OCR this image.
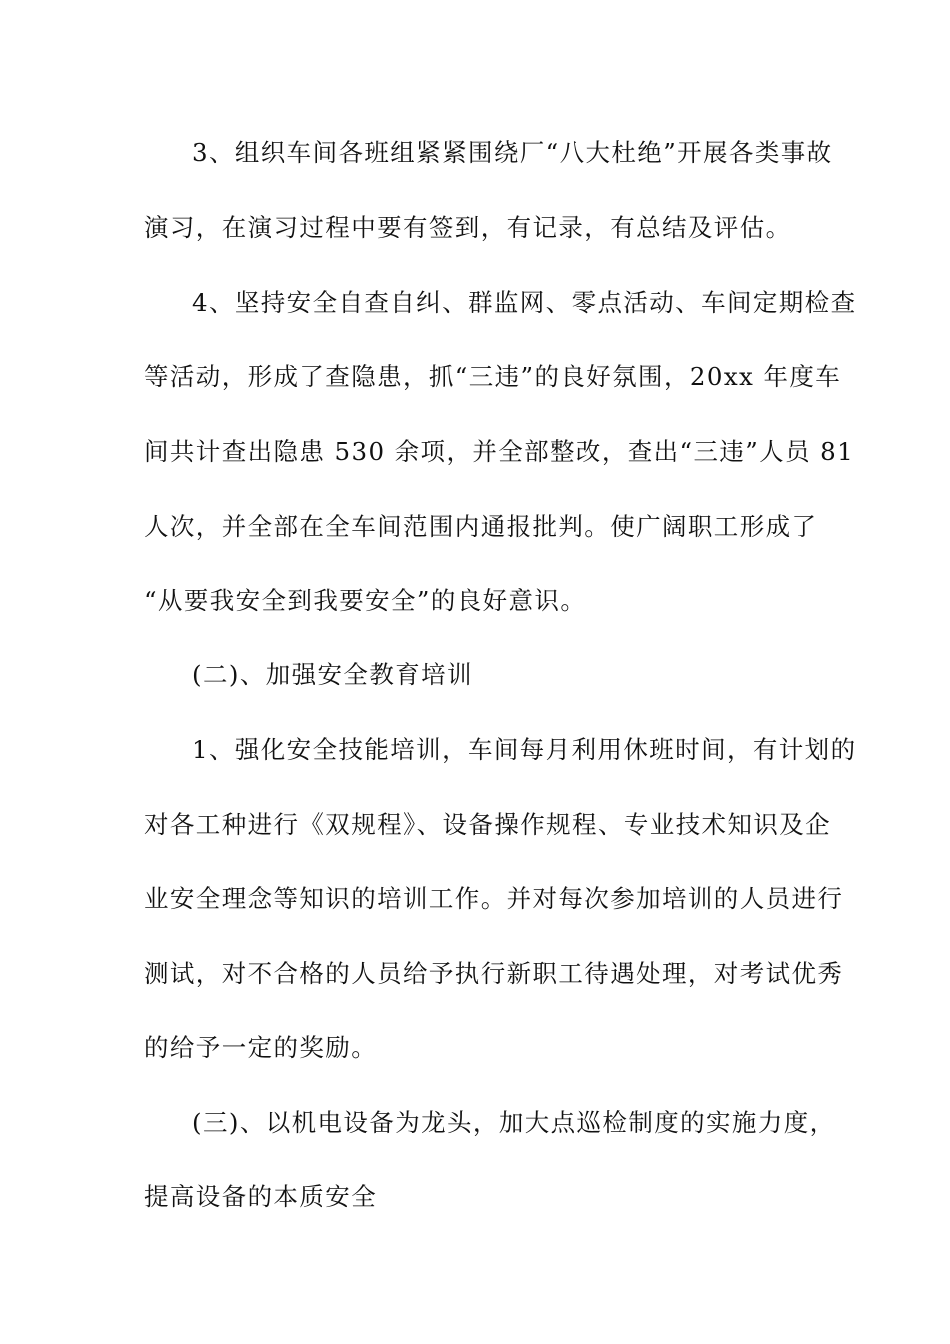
3、组织车间各班组紧紧围绕厂“八大杜绝”开展各类事故
演习，在演习过程中要有签到，有记录，有总结及评估。
4、坚持安全自查自纠、群监网、零点活动、车间定期检查
等活动，形成了查隐患，抓“三违”的良好氛围，20xx 年度车
间共计查出隐患 530 余项，并全部整改，查出“三违”人员 81
人次，并全部在全车间范围内通报批判。使广阔职工形成了
“从要我安全到我要安全”的良好意识。
(二)、加强安全教育培训
1、强化安全技能培训，车间每月利用休班时间，有计划的
对各工种进行《双规程》、设备操作规程、专业技术知识及企
业安全理念等知识的培训工作。并对每次参加培训的人员进行
测试，对不合格的人员给予执行新职工待遇处理，对考试优秀
的给予一定的奖励。
(三)、以机电设备为龙头，加大点巡检制度的实施力度，
提高设备的本质安全
